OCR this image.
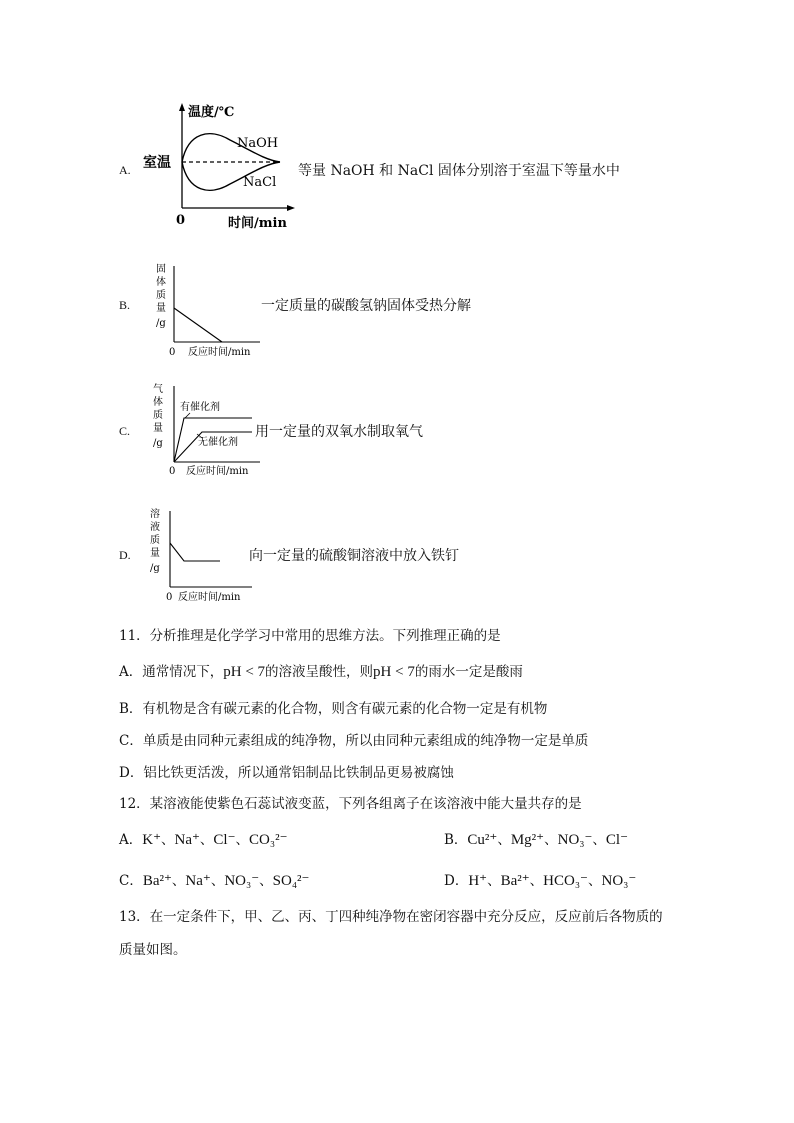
A.
温度/℃
室温
NaOH
NaCl
0	时间/min
等量 NaOH 和 NaCl 固体分别溶于室温下等量水中
B.
固
体
质
量
/g
0 反应时间/min
一定质量的碳酸氢钠固体受热分解
C.
有催化剂
无催化剂
气
体
质
量
/g
0 反应时间/min
用一定量的双氧水制取氧气
D.
溶
液
质
量
/g
0 反应时间/min
向一定量的硫酸铜溶液中放入铁钉
11．分析推理是化学学习中常用的思维方法。下列推理正确的是
A．通常情况下，pH < 7的溶液呈酸性，则pH < 7的雨水一定是酸雨
B．有机物是含有碳元素的化合物，则含有碳元素的化合物一定是有机物
C．单质是由同种元素组成的纯净物，所以由同种元素组成的纯净物一定是单质
D．铝比铁更活泼，所以通常铝制品比铁制品更易被腐蚀
12．某溶液能使紫色石蕊试液变蓝，下列各组离子在该溶液中能大量共存的是
A．K⁺、Na⁺、Cl⁻、CO₃²⁻	B．Cu²⁺、Mg²⁺、NO₃⁻、Cl⁻
C．Ba²⁺、Na⁺、NO₃⁻、SO₄²⁻	D．H⁺、Ba²⁺、HCO₃⁻、NO₃⁻
13．在一定条件下，甲、乙、丙、丁四种纯净物在密闭容器中充分反应，反应前后各物质的
质量如图。
